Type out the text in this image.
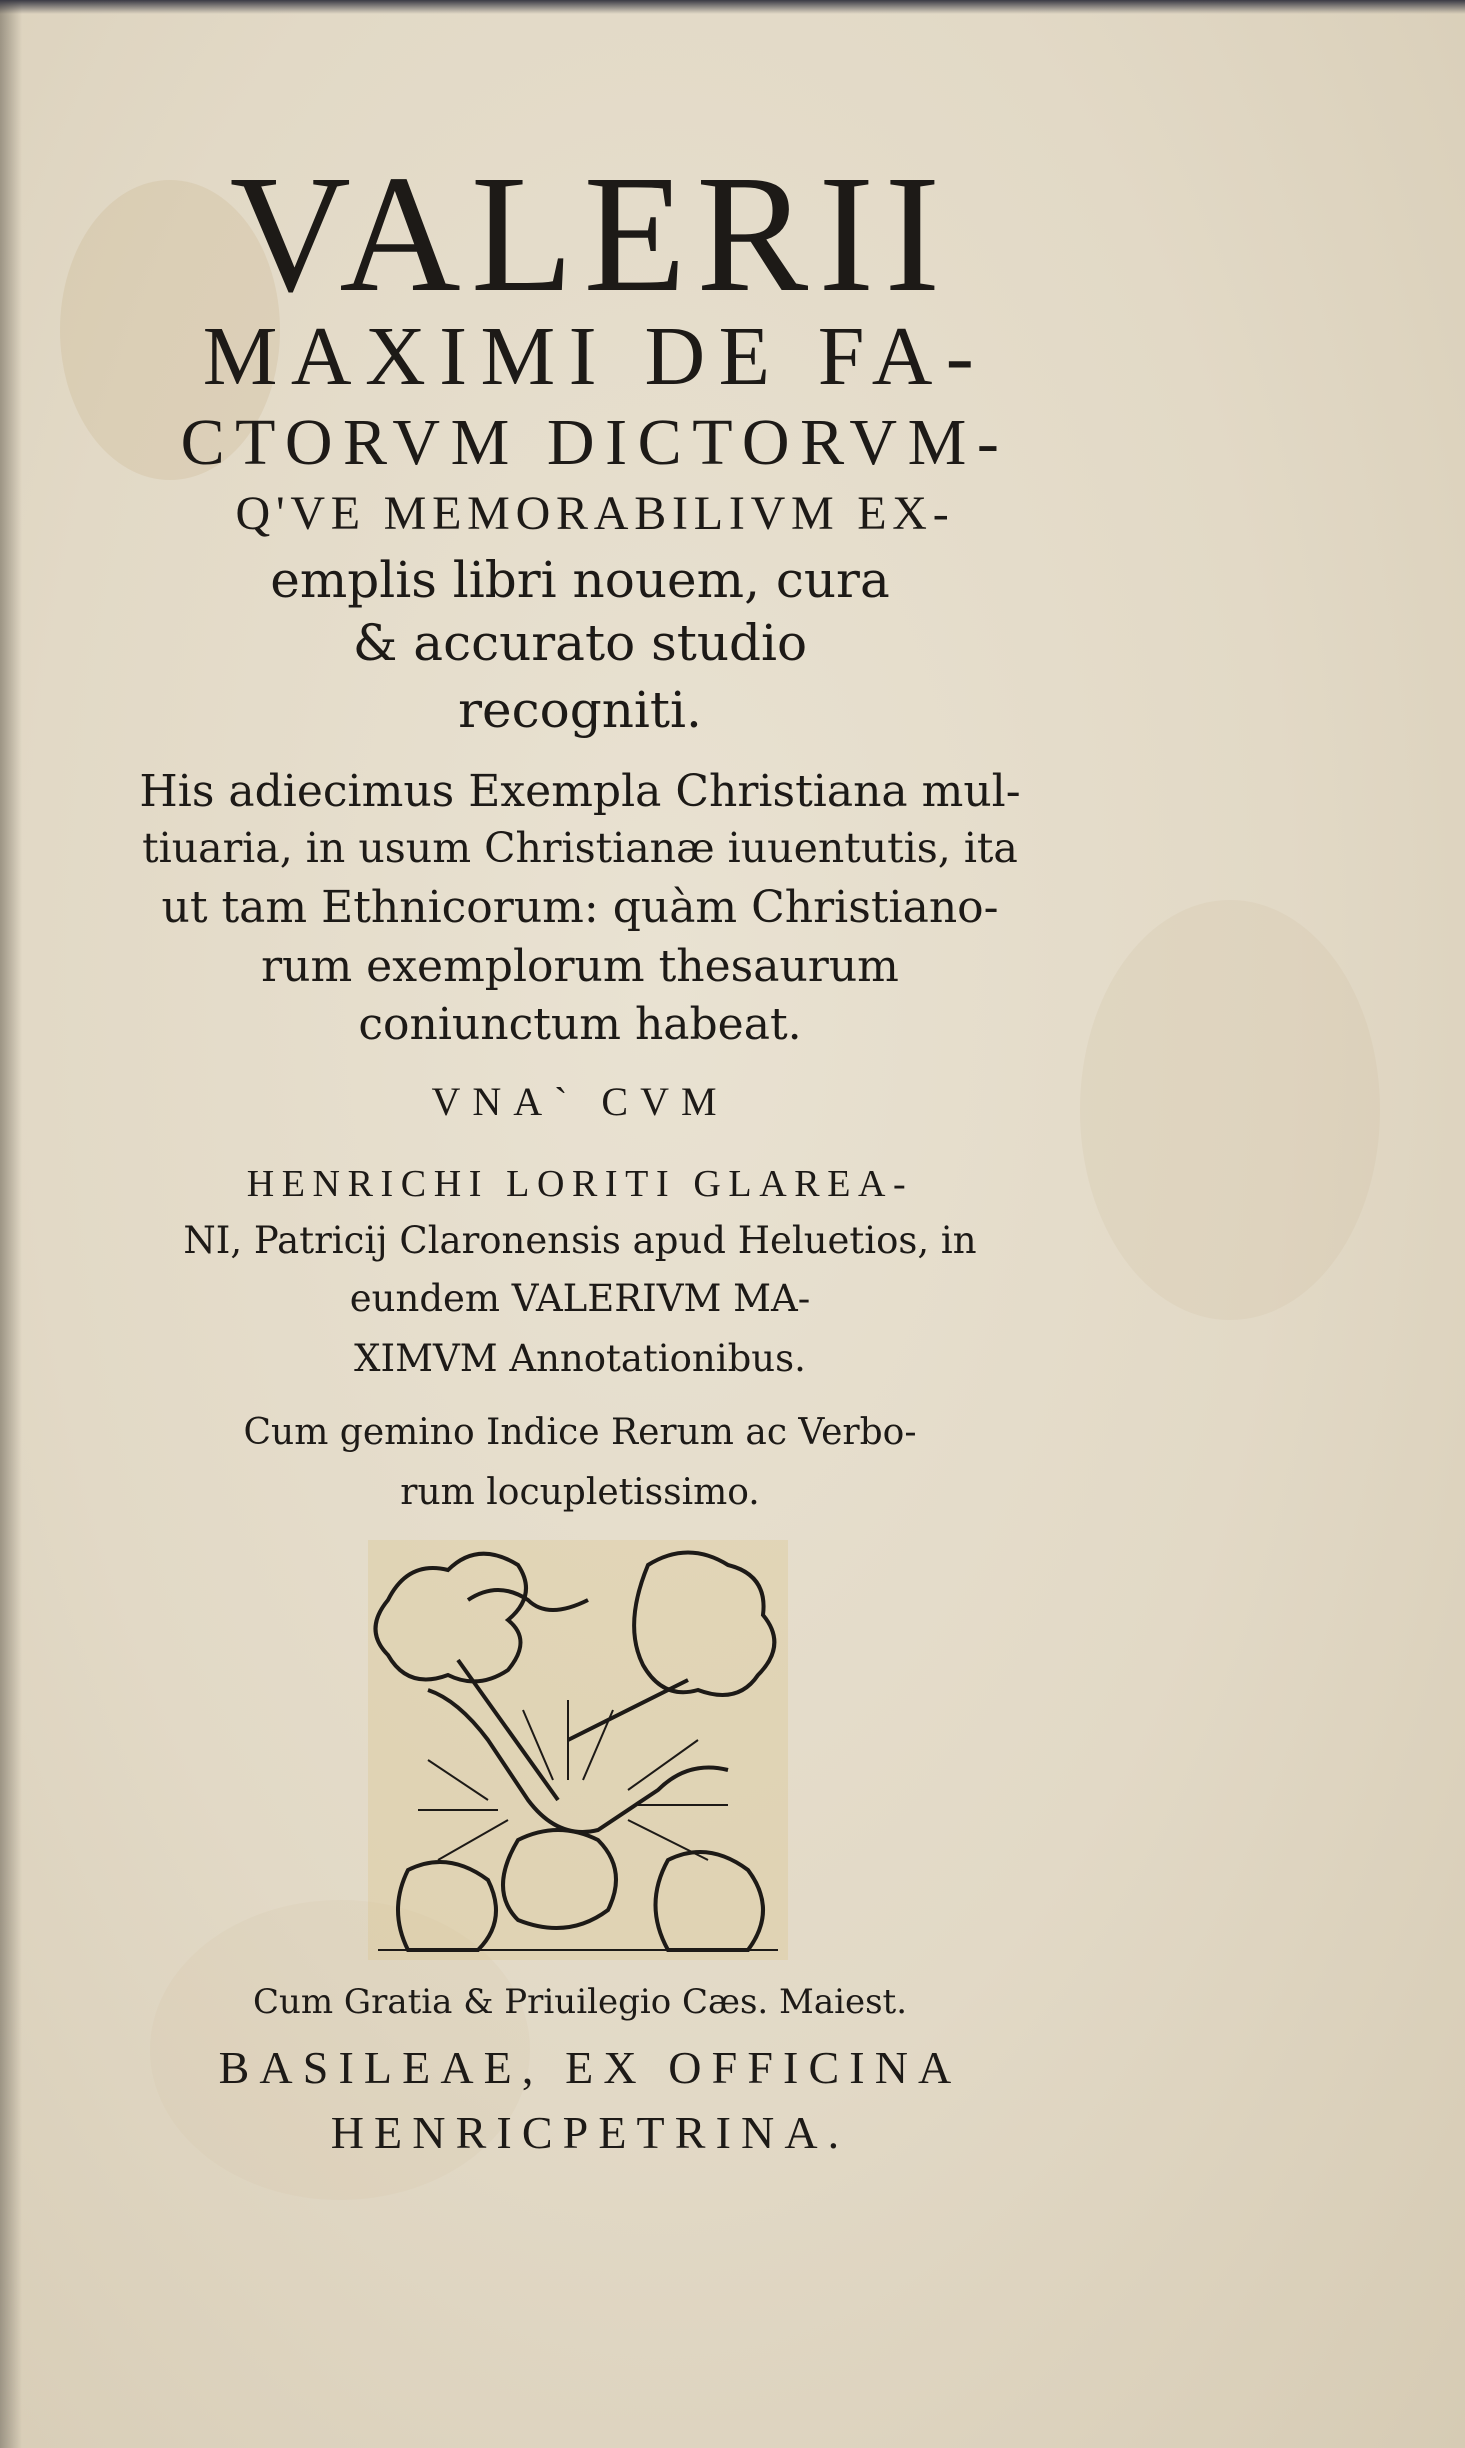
VALERII
MAXIMI DE FA-
CTORVM DICTORVM-
Q'VE MEMORABILIVM EX-
emplis libri nouem, cura
& accurato studio
recogniti.
His adiecimus Exempla Christiana mul-
tiuaria, in usum Christianæ iuuentutis, ita
ut tam Ethnicorum: quàm Christiano-
rum exemplorum thesaurum
coniunctum habeat.
VNA` CVM
HENRICHI LORITI GLAREA-
NI, Patricij Claronensis apud Heluetios, in
eundem VALERIVM MA-
XIMVM Annotationibus.
Cum gemino Indice Rerum ac Verbo-
rum locupletissimo.
Cum Gratia & Priuilegio Cæs. Maiest.
BASILEAE, EX OFFICINA
HENRICPETRINA.
